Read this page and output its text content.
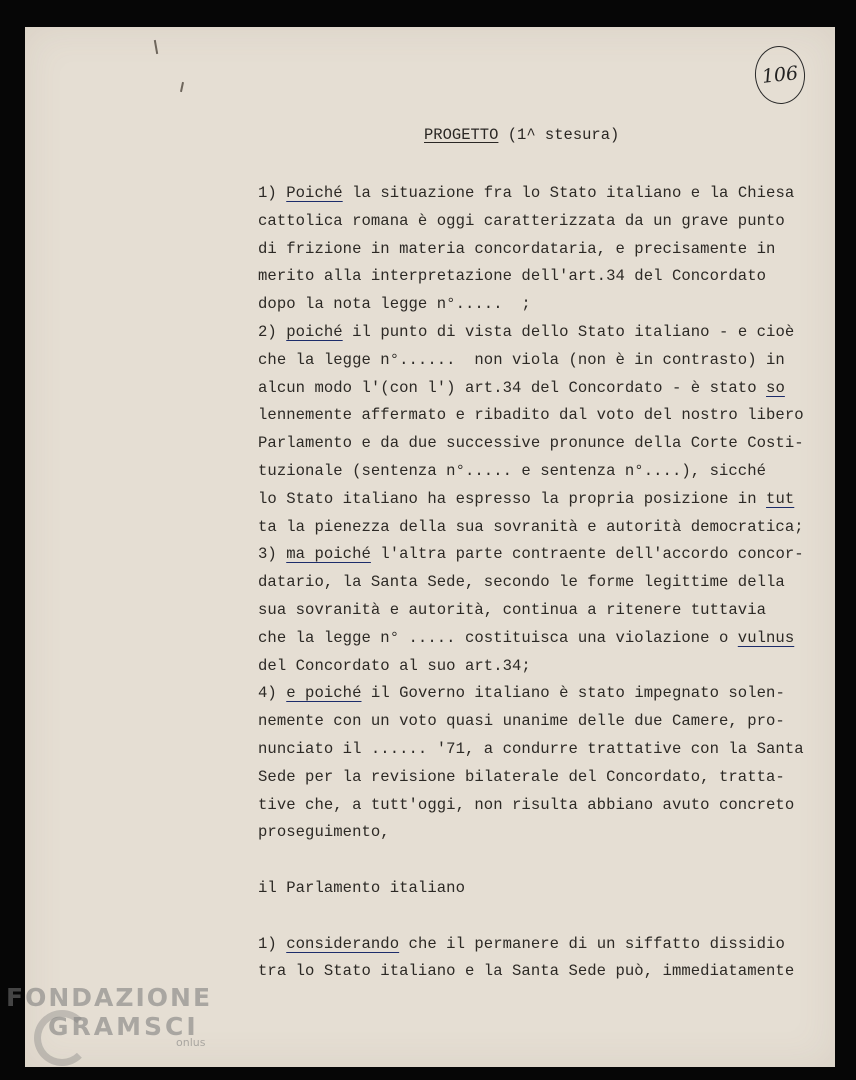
106
PROGETTO (1^ stesura)
1) Poiché la situazione fra lo Stato italiano e la Chiesa
cattolica romana è oggi caratterizzata da un grave punto
di frizione in materia concordataria, e precisamente in
merito alla interpretazione dell'art.34 del Concordato
dopo la nota legge n°.....  ;
2) poiché il punto di vista dello Stato italiano - e cioè
che la legge n°......  non viola (non è in contrasto) in
alcun modo l'(con l') art.34 del Concordato - è stato so
lennemente affermato e ribadito dal voto del nostro libero
Parlamento e da due successive pronunce della Corte Costi-
tuzionale (sentenza n°..... e sentenza n°....), sicché
lo Stato italiano ha espresso la propria posizione in tut
ta la pienezza della sua sovranità e autorità democratica;
3) ma poiché l'altra parte contraente dell'accordo concor-
datario, la Santa Sede, secondo le forme legittime della
sua sovranità e autorità, continua a ritenere tuttavia
che la legge n° ..... costituisca una violazione o vulnus
del Concordato al suo art.34;
4) e poiché il Governo italiano è stato impegnato solen-
nemente con un voto quasi unanime delle due Camere, pro-
nunciato il ...... '71, a condurre trattative con la Santa
Sede per la revisione bilaterale del Concordato, tratta-
tive che, a tutt'oggi, non risulta abbiano avuto concreto
proseguimento,
il Parlamento italiano
1) considerando che il permanere di un siffatto dissidio
tra lo Stato italiano e la Santa Sede può, immediatamente
FONDAZIONE
GRAMSCI
onlus
